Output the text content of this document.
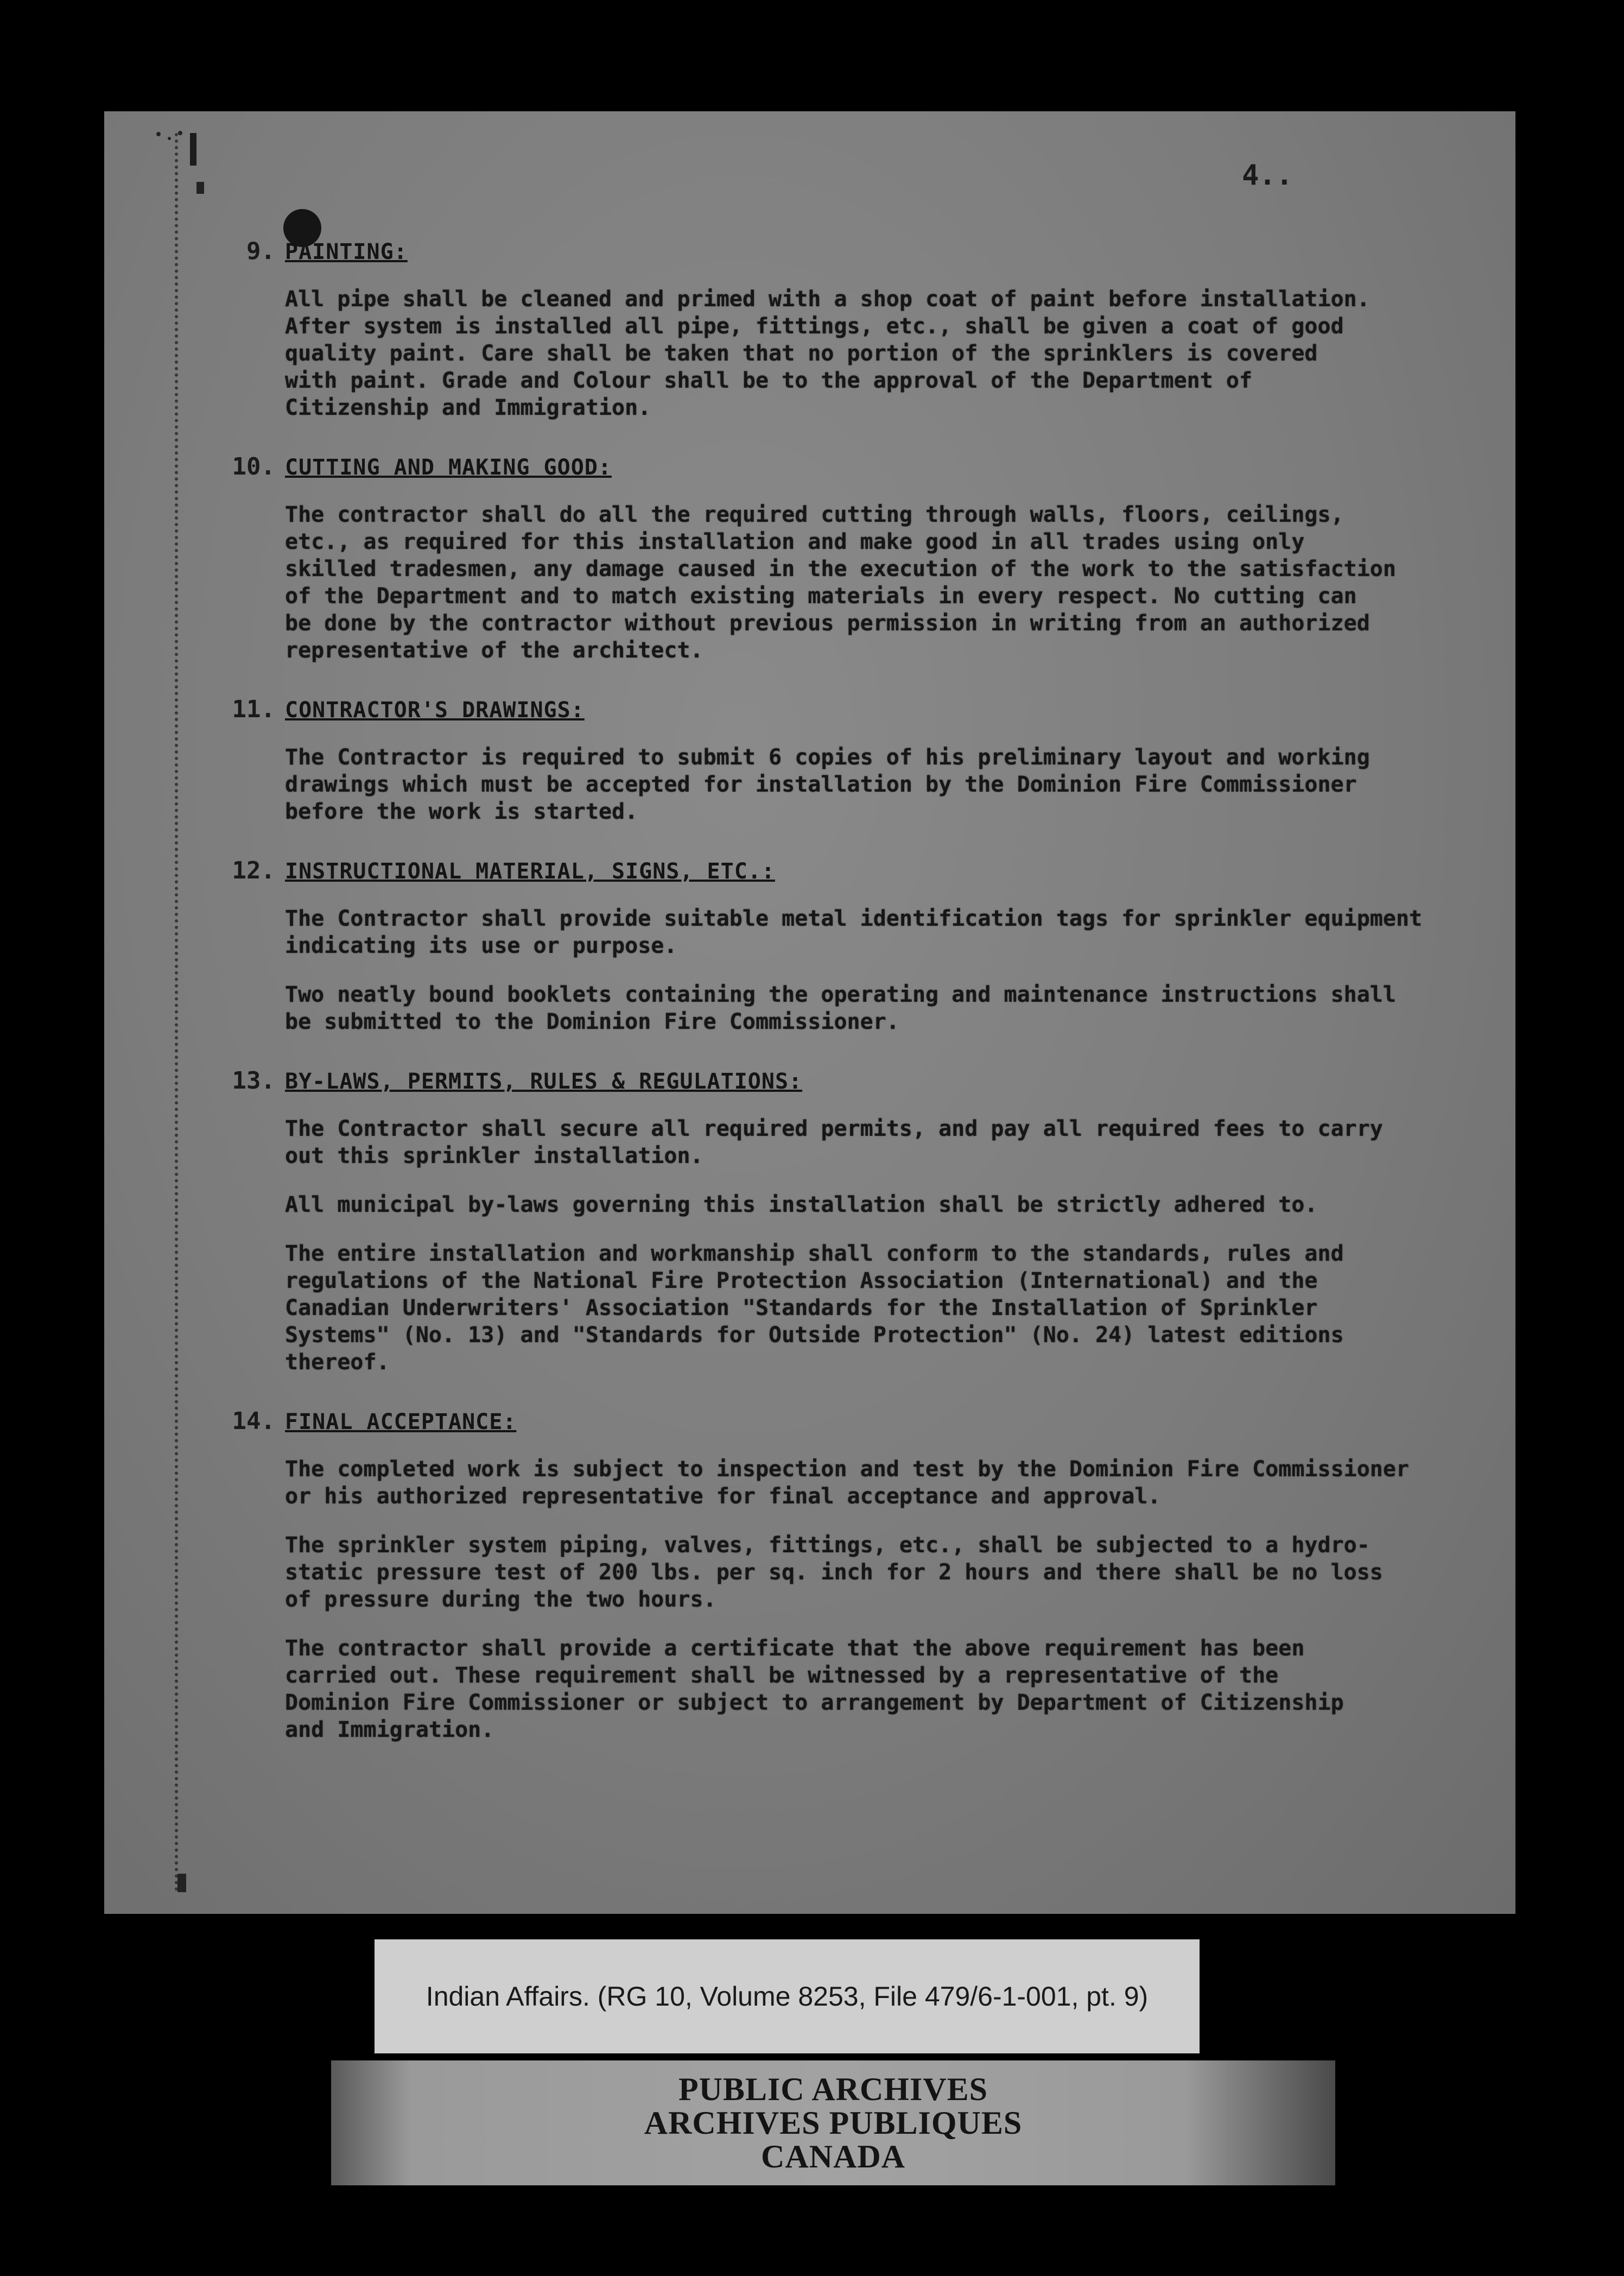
4..
9. PAINTING:
All pipe shall be cleaned and primed with a shop coat of paint before installation.
After system is installed all pipe, fittings, etc., shall be given a coat of good
quality paint. Care shall be taken that no portion of the sprinklers is covered
with paint. Grade and Colour shall be to the approval of the Department of
Citizenship and Immigration.
10. CUTTING AND MAKING GOOD:
The contractor shall do all the required cutting through walls, floors, ceilings,
etc., as required for this installation and make good in all trades using only
skilled tradesmen, any damage caused in the execution of the work to the satisfaction
of the Department and to match existing materials in every respect. No cutting can
be done by the contractor without previous permission in writing from an authorized
representative of the architect.
11. CONTRACTOR'S DRAWINGS:
The Contractor is required to submit 6 copies of his preliminary layout and working
drawings which must be accepted for installation by the Dominion Fire Commissioner
before the work is started.
12. INSTRUCTIONAL MATERIAL, SIGNS, ETC.:
The Contractor shall provide suitable metal identification tags for sprinkler equipment
indicating its use or purpose.
Two neatly bound booklets containing the operating and maintenance instructions shall
be submitted to the Dominion Fire Commissioner.
13. BY-LAWS, PERMITS, RULES & REGULATIONS:
The Contractor shall secure all required permits, and pay all required fees to carry
out this sprinkler installation.
All municipal by-laws governing this installation shall be strictly adhered to.
The entire installation and workmanship shall conform to the standards, rules and
regulations of the National Fire Protection Association (International) and the
Canadian Underwriters' Association "Standards for the Installation of Sprinkler
Systems" (No. 13) and "Standards for Outside Protection" (No. 24) latest editions
thereof.
14. FINAL ACCEPTANCE:
The completed work is subject to inspection and test by the Dominion Fire Commissioner
or his authorized representative for final acceptance and approval.
The sprinkler system piping, valves, fittings, etc., shall be subjected to a hydro-
static pressure test of 200 lbs. per sq. inch for 2 hours and there shall be no loss
of pressure during the two hours.
The contractor shall provide a certificate that the above requirement has been
carried out. These requirement shall be witnessed by a representative of the
Dominion Fire Commissioner or subject to arrangement by Department of Citizenship
and Immigration.
Indian Affairs. (RG 10, Volume 8253, File 479/6-1-001, pt. 9)
PUBLIC ARCHIVES
ARCHIVES PUBLIQUES
CANADA
